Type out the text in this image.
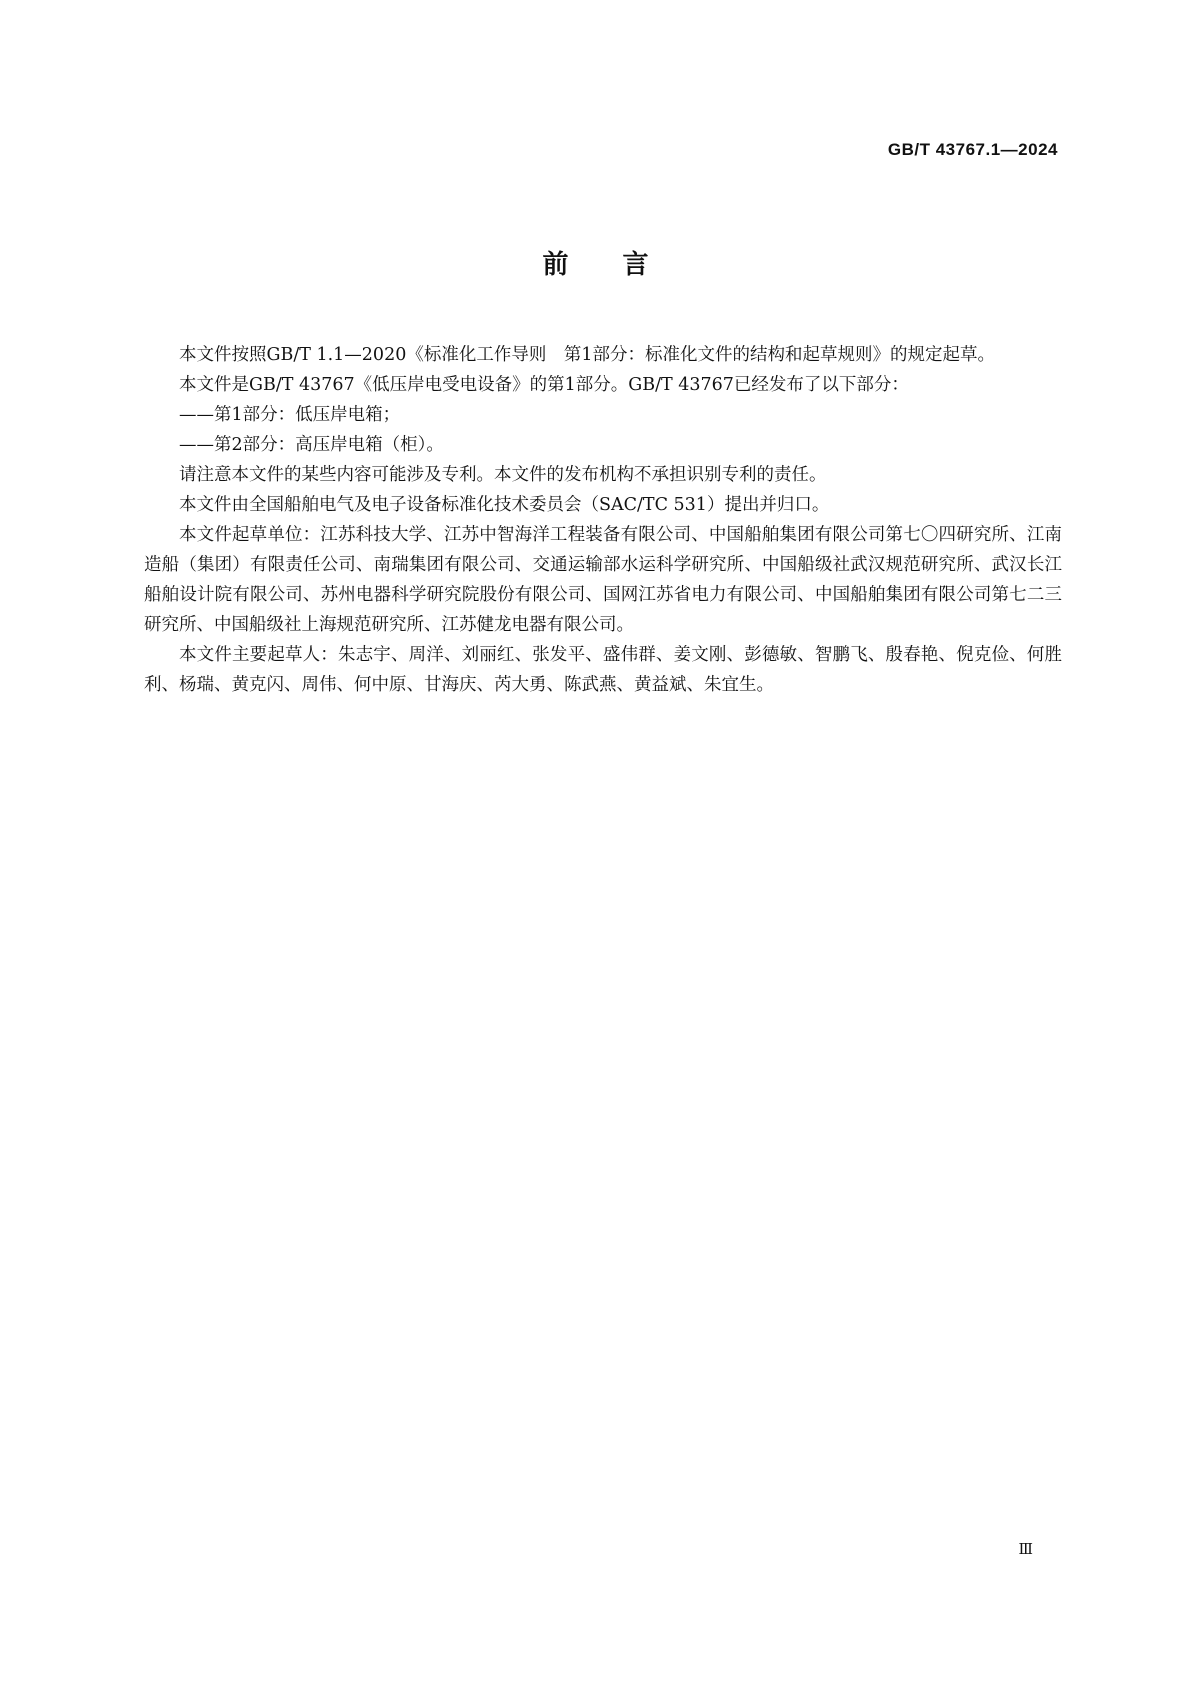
GB/T 43767.1—2024
前言

本文件按照GB/T 1.1—2020《标准化工作导则　第1部分：标准化文件的结构和起草规则》的规定起草。

本文件是GB/T 43767《低压岸电受电设备》的第1部分。GB/T 43767已经发布了以下部分：

——第1部分：低压岸电箱；

——第2部分：高压岸电箱（柜）。

请注意本文件的某些内容可能涉及专利。本文件的发布机构不承担识别专利的责任。

本文件由全国船舶电气及电子设备标准化技术委员会（SAC/TC 531）提出并归口。

本文件起草单位：江苏科技大学、江苏中智海洋工程装备有限公司、中国船舶集团有限公司第七〇四研究所、江南造船（集团）有限责任公司、南瑞集团有限公司、交通运输部水运科学研究所、中国船级社武汉规范研究所、武汉长江船舶设计院有限公司、苏州电器科学研究院股份有限公司、国网江苏省电力有限公司、中国船舶集团有限公司第七二三研究所、中国船级社上海规范研究所、江苏健龙电器有限公司。

本文件主要起草人：朱志宇、周洋、刘丽红、张发平、盛伟群、姜文刚、彭德敏、智鹏飞、殷春艳、倪克俭、何胜利、杨瑞、黄克闪、周伟、何中原、甘海庆、芮大勇、陈武燕、黄益斌、朱宜生。

Ⅲ
